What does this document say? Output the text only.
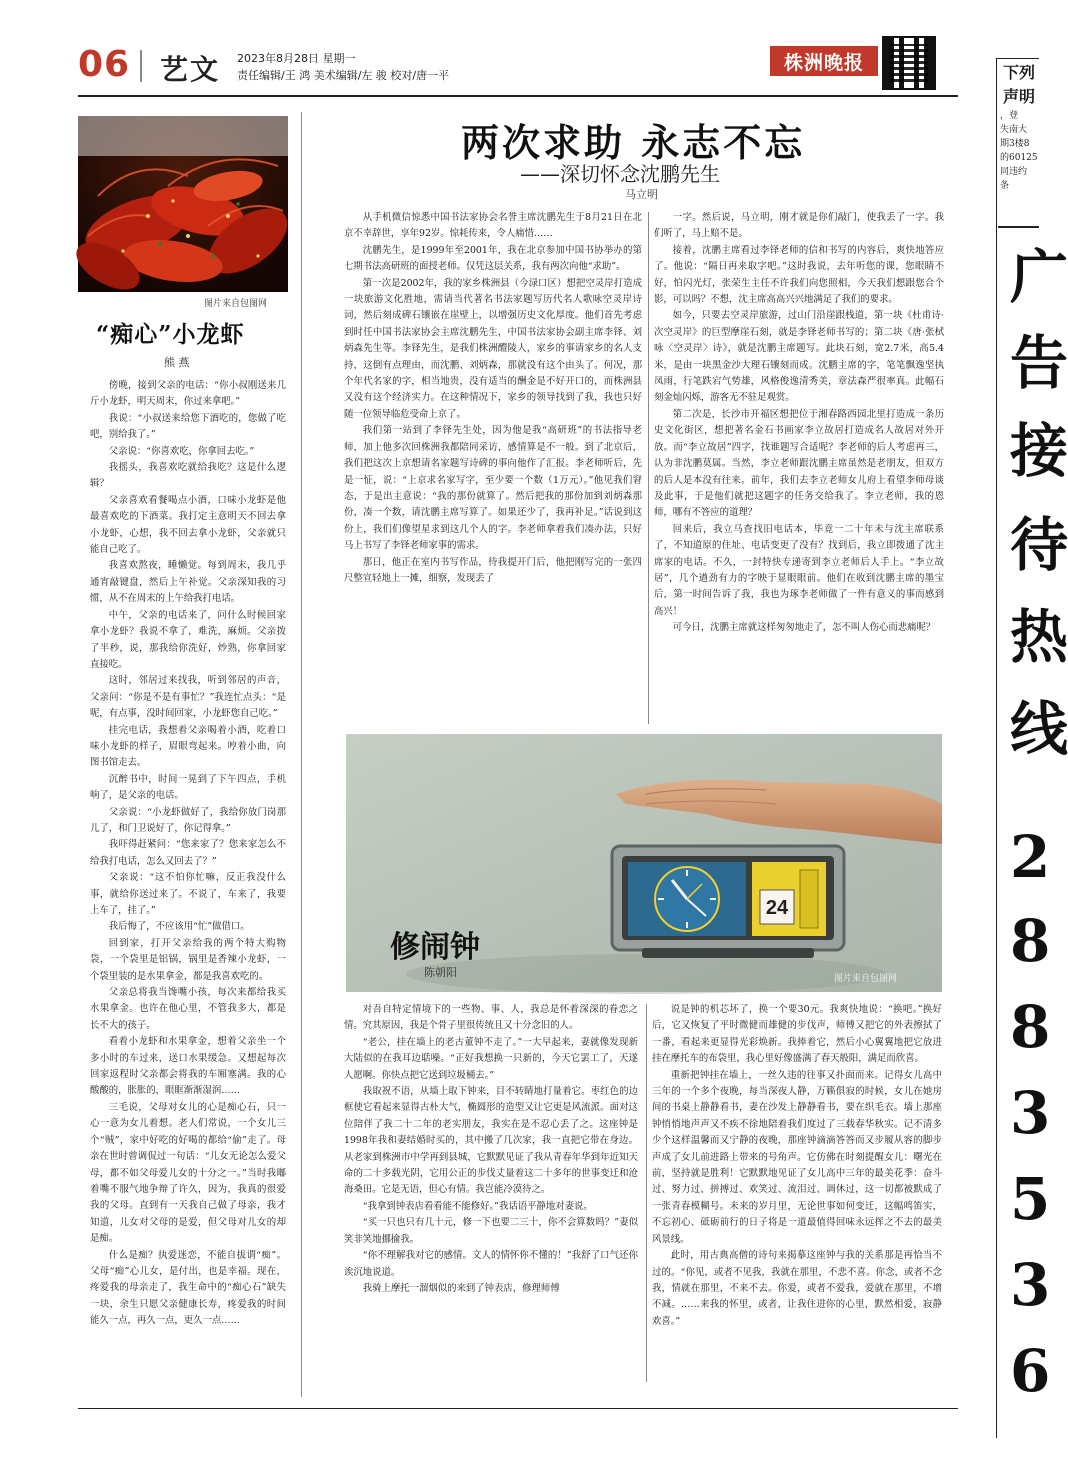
06 艺文 2023年8月28日 星期一
责任编辑/王 鸿 美术编辑/左 骏 校对/唐一平
株洲晚报	下列
声明
，登
失南大
期3楼8
的60125
同违约
条
广
告
接
待
热
线
2
8
8
3
5
3
6
图片来自包图网
“痴心”小龙虾
熊 燕

傍晚，接到父亲的电话：“你小叔刚送来几斤小龙虾，明天周末，你过来拿吧。”

我说：“小叔送来给您下酒吃的，您做了吃吧，别给我了。”

父亲说：“你喜欢吃，你拿回去吃。”

我摇头，我喜欢吃就给我吃？这是什么逻辑？

父亲喜欢看餐喝点小酒，口味小龙虾是他最喜欢吃的下酒菜。我打定主意明天不回去拿小龙虾，心想，我不回去拿小龙虾，父亲就只能自己吃了。

我喜欢熬夜，睡懒觉。每到周末，我几乎通宵敲键盘，然后上午补觉。父亲深知我的习惯，从不在周末的上午给我打电话。

中午，父亲的电话来了，问什么时候回家拿小龙虾？我说不拿了，难洗，麻烦。父亲拨了半秒，说，那我给你洗好，炒熟，你拿回家直接吃。

这时，邻居过来找我，听到邻居的声音，父亲问：“你是不是有事忙？”我连忙点头：“是呢，有点事，没时间回家，小龙虾您自己吃。”

挂完电话，我想着父亲喝着小酒，吃着口味小龙虾的样子，眉眼弯起来。哼着小曲，向图书馆走去。

沉醉书中，时间一晃到了下午四点，手机响了，是父亲的电话。

父亲说：“小龙虾做好了，我给你放门岗那儿了，和门卫说好了，你记得拿。”

我吓得赶紧问：“您来家了？您来家怎么不给我打电话，怎么又回去了？”

父亲说：“这不怕你忙嘛，反正我没什么事，就给你送过来了。不说了，车来了，我要上车了，挂了。”

我后悔了，不应该用“忙”做借口。

回到家，打开父亲给我的两个特大购物袋，一个袋里是铝锅，锅里是香辣小龙虾，一个袋里装的是水果拿金，都是我喜欢吃的。

父亲总将我当馋嘴小孩，每次来都给我买水果拿金。也许在他心里，不管我多大，都是长不大的孩子。

看着小龙虾和水果拿金，想着父亲坐一个多小时的车过来，送口水果缓急。又想起每次回家返程时父亲都会将我的车厢塞满。我的心酸酸的，胀胀的，眼眶渐渐湿润……

三毛说，父母对女儿的心是痴心石，只一心一意为女儿着想。老人们常说，一个女儿三个“贼”，家中好吃的好喝的都给“偷”走了。母亲在世时曾调侃过一句话：“儿女无论怎么爱父母，都不如父母爱儿女的十分之一。”当时我嘟着嘴不服气地争辩了许久，因为，我真的很爱我的父母。直到有一天我自己做了母亲，我才知道，儿女对父母的是爱，但父母对儿女的却是痴。

什么是痴？执爱迷恋，不能自拔谓“痴”。父母“痴”心儿女，是付出，也是幸福。现在，疼爱我的母亲走了，我生命中的“痴心石”缺失一块，余生只愿父亲健康长寿，疼爱我的时间能久一点，再久一点，更久一点……

两次求助 永志不忘
——深切怀念沈鹏先生
马立明

从手机微信惊悉中国书法家协会名誉主席沈鹏先生于8月21日在北京不幸辞世，享年92岁。惊耗传来，令人痛惜……

沈鹏先生，是1999年至2001年，我在北京参加中国书协举办的第七期书法高研班的面授老师。仅凭这层关系，我有两次向他“求助”。

第一次是2002年，我的家乡株洲县（今渌口区）想把空灵岸打造成一块旅游文化胜地，需请当代著名书法家题写历代名人歌咏空灵岸诗词，然后刻成碑石镶嵌在崖壁上，以增强历史文化厚度。他们首先考虑到时任中国书法家协会主席沈鹏先生，中国书法家协会副主席李铎、刘炳森先生等。李铎先生，是我们株洲醴陵人，家乡的事请家乡的名人支持，这倒有点理由，而沈鹏、刘炳森，那就没有这个由头了。何况，那个年代名家的字，相当地贵，没有适当的酬金是不好开口的，而株洲县又没有这个经济实力。在这种情况下，家乡的领导找到了我，我也只好随一位领导临危受命上京了。

我们第一站到了李铎先生处，因为他是我“高研班”的书法指导老师，加上他多次回株洲我都陪同采访，感情算是不一般。到了北京后，我们把这次上京想请名家题写诗碑的事向他作了汇报。李老师听后，先是一怔，说：“上京求名家写字，至少要一个数（1万元）。”他见我们窘态，于是出主意说：“我的那份就算了。然后把我的那份加到刘炳森那份，凑一个数，请沈鹏主席写算了。如果还少了，我再补足。”话说到这份上，我们们像望星求到这几个人的字。李老师拿着我们凑办法，只好马上书写了李铎老师家事的需求。

那日，他正在室内书写作品，待我提开门后，他把刚写完的一张四尺整宣轻地上一摊，细察，发现丢了

一字。然后说，马立明，刚才就是你们敲门，使我丢了一字。我们听了，马上赔不是。

接着，沈鹏主席看过李铎老师的信和书写的内容后，爽快地答应了。他说：“隔日再来取字吧。”这时我说，去年听您的课，您眼睛不好，怕闪光灯，张荣生主任不许我们向您照相，今天我们想跟您合个影，可以吗？不想，沈主席高高兴兴地满足了我们的要求。

如今，只要去空灵岸旅游，过山门沿崖跟栈道，第一块《杜甫诗·次空灵岸》的巨型摩崖石刻，就是李铎老师书写的；第二块《唐·张栻咏〈空灵岸〉诗》，就是沈鹏主席题写。此块石刻，宽2.7米，高5.4米，是由一块黑金沙大理石镶刻而成。沈鹏主席的字，笔笔飘逸坚执凤雨，行笔跌宕气势雄，风格俊逸清秀美，章法森严很率真。此幅石刻金灿闪烁，游客无不驻足观赏。

第二次是，长沙市开福区想把位于湘春路西园北里打造成一条历史文化街区，想把著名金石书画家李立故居打造成名人故居对外开放。而“李立故居”四字，找谁题写合适呢？李老师的后人考虑再三，认为非沈鹏莫属。当然，李立老师跟沈鹏主席虽然是老朋友，但双方的后人是本没有往来。前年，我们去李立老师女儿府上看望李师母谈及此事，于是他们就把这题字的任务交给我了。李立老师，我的恩师，哪有不答应的道理？

回来后，我立马查找旧电话本，毕竟一二十年未与沈主席联系了，不知道原的住址、电话变更了没有？找到后，我立即拨通了沈主席家的电话。不久，一封特快专递寄到李立老师后人手上。“李立故居”，几个遒劲有力的字映于显眼眼前。他们在收到沈鹏主席的墨宝后，第一时间告诉了我，我也为琢李老师做了一件有意义的事而感到高兴！

可今日，沈鹏主席就这样匆匆地走了，怎不叫人伤心而悲痛呢？

24
修闹钟
陈朝阳	图片来自包图网

对吾自特定情境下的一些物、事、人，我总是怀着深深的眷恋之情。究其原因，我是个骨子里很传统且又十分念旧的人。

“老公，挂在墙上的老古董钟不走了。”一大早起来，妻就像发现新大陆似的在我耳边聒噪。“正好我想换一只新的，今天它罢工了，天遂人愿啊。你快点把它送到垃圾桶去。”

我取祝不语，从墙上取下钟来，目不转睛地打量着它。枣红色的边框使它看起来显得古朴大气，椭圆形的造型又让它更是风流派。面对这位陪伴了我二十二年的老实朋友，我实在是不忍心丢了之。这座钟是1998年我和妻结婚时买的，其中搬了几次家，我一直把它带在身边。从老家到株洲市中学再到县城，它默默见证了我从青春年华到年近知天命的二十多载光阴，它用公正的步伐丈量着这二十多年的世事变迁和沧海桑田。它是无语，但心有情。我岂能冷漠待之。

“我拿到钟表店看看能不能修好。”我话语平静地对妻说。

“买一只也只有几十元，修一下也要二三十，你不会算数吗？”妻似笑非笑地挪揄我。

“你不理解我对它的感情。文人的情怀你不懂的！”我舒了口气还你诶沉地说道。

我骑上摩托一溜烟似的来到了钟表店，修理师傅

说是钟的机芯坏了，换一个要30元。我爽快地说：“换吧。”换好后，它又恢复了平时微健而雄健的步伐声，师傅又把它的外表擦拭了一番，看起来更显得光彩焕新。我捧着它，然后小心翼翼地把它放进挂在摩托车的布袋里，我心里好像盛满了春天般阳，满足而欣喜。

重新把钟挂在墙上，一丝久违的往事又扑面而来。记得女儿高中三年的一个多个夜晚，每当深夜人静，万籁俱寂的时候，女儿在她房间的书桌上静静看书，妻在沙发上静静看书，要在织毛衣。墙上那座钟悄悄地声声又不疾不徐地陪着我们度过了三载春华秋实。记不清多少个这样温馨而又宁静的夜晚，那座钟滴滴答答而又步履从容的脚步声成了女儿前进路上带来的号角声。它仿佛在时刻提醒女儿：曙光在前，坚持就是胜利！它默默地见证了女儿高中三年的最美花季：奋斗过、努力过、拼搏过、欢笑过、流泪过、调休过，这一切都被默成了一张青春模糊号。未来的岁月里，无论世事如何变迁，这幅鸣笛实，不忘初心、砥砺前行的日子将是一道最值得回味永远挥之不去的最美风景线。

此时，用古典高僧的诗句来揭摹这座钟与我的关系那是再恰当不过的。“你见，或者不见我，我就在那里，不悲不喜。你念，或者不念我，情就在那里，不来不去。你爱，或者不爱我，爱就在那里，不增不减。……来我的怀里，或者，让我住进你的心里，默然相爱，寂静欢喜。”
